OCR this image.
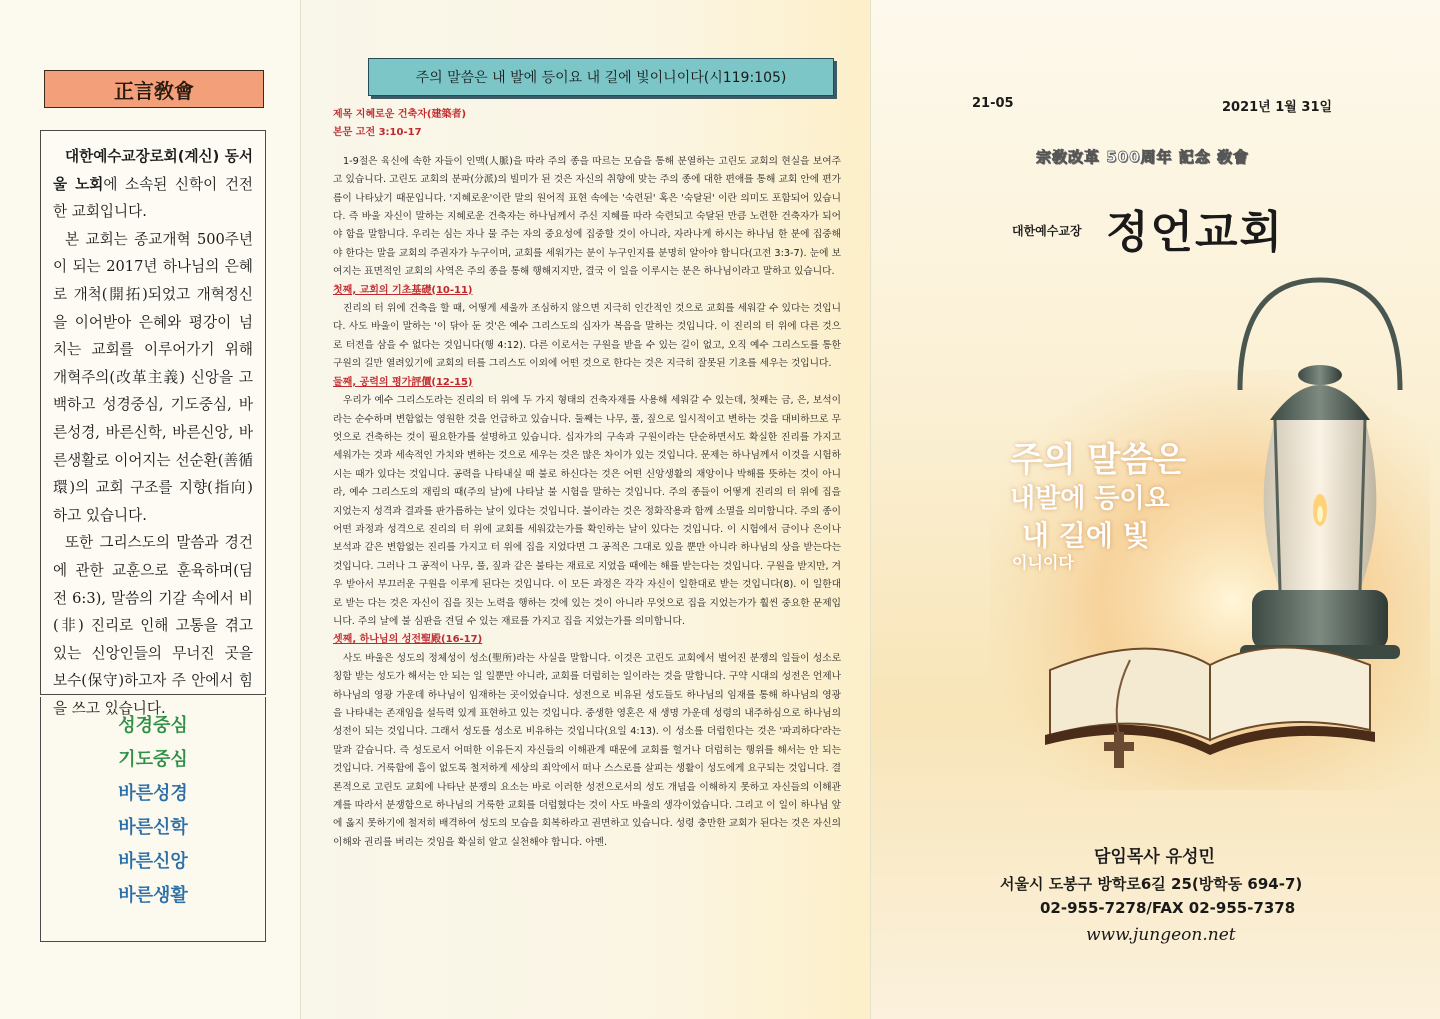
正言敎會

대한예수교장로회(계신) 동서울 노회에 소속된 신학이 건전한 교회입니다.

본 교회는 종교개혁 500주년이 되는 2017년 하나님의 은혜로 개척(開拓)되었고 개혁정신을 이어받아 은혜와 평강이 넘치는 교회를 이루어가기 위해 개혁주의(改革主義) 신앙을 고백하고 성경중심, 기도중심, 바른성경, 바른신학, 바른신앙, 바른생활로 이어지는 선순환(善循環)의 교회 구조를 지향(指向)하고 있습니다.

또한 그리스도의 말씀과 경건에 관한 교훈으로 훈육하며(딤전 6:3), 말씀의 기갈 속에서 비(非) 진리로 인해 고통을 겪고 있는 신앙인들의 무너진 곳을 보수(保守)하고자 주 안에서 힘을 쓰고 있습니다.

성경중심
기도중심
바른성경
바른신학
바른신앙
바른생활
주의 말씀은 내 발에 등이요 내 길에 빛이니이다(시119:105)
제목 지혜로운 건축자(建築者)
본문 고전 3:10-17
1-9절은 육신에 속한 자들이 인맥(人脈)을 따라 주의 종을 따르는 모습을 통해 분열하는 고린도 교회의 현실을 보여주고 있습니다. 고린도 교회의 분파(分派)의 빌미가 된 것은 자신의 취향에 맞는 주의 종에 대한 편애를 통해 교회 안에 편가름이 나타났기 때문입니다. '지혜로운'이란 말의 원어적 표현 속에는 '숙련된' 혹은 '숙달된' 이란 의미도 포함되어 있습니다. 즉 바울 자신이 말하는 지혜로운 건축자는 하나님께서 주신 지혜를 따라 숙련되고 숙달된 만큼 노련한 건축자가 되어야 함을 말합니다. 우리는 심는 자나 물 주는 자의 중요성에 집중할 것이 아니라, 자라나게 하시는 하나님 한 분에 집중해야 한다는 말을 교회의 주권자가 누구이며, 교회를 세워가는 분이 누구인지를 분명히 알아야 합니다(고전 3:3-7). 눈에 보여지는 표면적인 교회의 사역은 주의 종을 통해 행해지지만, 결국 이 일을 이루시는 분은 하나님이라고 말하고 있습니다.
첫째, 교회의 기초基礎(10-11)
진리의 터 위에 건축을 할 때, 어떻게 세울까 조심하지 않으면 지극히 인간적인 것으로 교회를 세워갈 수 있다는 것입니다. 사도 바울이 말하는 '이 닦아 둔 것'은 예수 그리스도의 십자가 복음을 말하는 것입니다. 이 진리의 터 위에 다른 것으로 터전을 삼을 수 없다는 것입니다(행 4:12). 다른 이로서는 구원을 받을 수 있는 길이 없고, 오직 예수 그리스도를 통한 구원의 길만 열려있기에 교회의 터를 그리스도 이외에 어떤 것으로 한다는 것은 지극히 잘못된 기초를 세우는 것입니다.
둘째, 공력의 평가評價(12-15)
우리가 예수 그리스도라는 진리의 터 위에 두 가지 형태의 건축자재를 사용해 세워갈 수 있는데, 첫째는 금, 은, 보석이라는 순수하며 변함없는 영원한 것을 언급하고 있습니다. 둘째는 나무, 풀, 짚으로 일시적이고 변하는 것을 대비하므로 무엇으로 건축하는 것이 필요한가를 설명하고 있습니다. 십자가의 구속과 구원이라는 단순하면서도 확실한 진리를 가지고 세워가는 것과 세속적인 가치와 변하는 것으로 세우는 것은 많은 차이가 있는 것입니다. 문제는 하나님께서 이것을 시험하시는 때가 있다는 것입니다. 공력을 나타내실 때 불로 하신다는 것은 어떤 신앙생활의 재앙이나 박해를 뜻하는 것이 아니라, 예수 그리스도의 재림의 때(주의 날)에 나타날 불 시험을 말하는 것입니다. 주의 종들이 어떻게 진리의 터 위에 집을 지었는지 성격과 결과를 판가름하는 날이 있다는 것입니다. 불이라는 것은 정화작용과 함께 소멸을 의미합니다. 주의 종이 어떤 과정과 성격으로 진리의 터 위에 교회를 세워갔는가를 확인하는 날이 있다는 것입니다. 이 시험에서 금이나 은이나 보석과 같은 변함없는 진리를 가지고 터 위에 집을 지었다면 그 공적은 그대로 있을 뿐만 아니라 하나님의 상을 받는다는 것입니다. 그러나 그 공적이 나무, 풀, 짚과 같은 불타는 재료로 지었을 때에는 해를 받는다는 것입니다. 구원을 받지만, 겨우 받아서 부끄러운 구원을 이루게 된다는 것입니다. 이 모든 과정은 각각 자신이 일한대로 받는 것입니다(8). 이 일한대로 받는 다는 것은 자신이 집을 짓는 노력을 행하는 것에 있는 것이 아니라 무엇으로 집을 지었는가가 훨씬 중요한 문제입니다. 주의 날에 불 심판을 견딜 수 있는 재료를 가지고 집을 지었는가를 의미합니다.
셋째, 하나님의 성전聖殿(16-17)
사도 바울은 성도의 정체성이 성소(聖所)라는 사실을 말합니다. 이것은 고린도 교회에서 벌어진 분쟁의 일들이 성소로 칭함 받는 성도가 해서는 안 되는 일 일뿐만 아니라, 교회를 더럽히는 일이라는 것을 말합니다. 구약 시대의 성전은 언제나 하나님의 영광 가운데 하나님이 임재하는 곳이었습니다. 성전으로 비유된 성도들도 하나님의 임재를 통해 하나님의 영광을 나타내는 존재임을 설득력 있게 표현하고 있는 것입니다. 중생한 영혼은 새 생명 가운데 성령의 내주하심으로 하나님의 성전이 되는 것입니다. 그래서 성도를 성소로 비유하는 것입니다(요일 4:13). 이 성소를 더럽힌다는 것은 '파괴하다'라는 말과 같습니다. 즉 성도로서 어떠한 이유든지 자신들의 이해관계 때문에 교회를 헐거나 더럽히는 행위를 해서는 안 되는 것입니다. 거룩함에 흠이 없도록 철저하게 세상의 죄악에서 떠나 스스로를 살피는 생활이 성도에게 요구되는 것입니다. 결론적으로 고린도 교회에 나타난 분쟁의 요소는 바로 이러한 성전으로서의 성도 개념을 이해하지 못하고 자신들의 이해관계를 따라서 분쟁함으로 하나님의 거룩한 교회를 더럽혔다는 것이 사도 바울의 생각이었습니다. 그리고 이 일이 하나님 앞에 옳지 못하기에 철저히 배격하여 성도의 모습을 회복하라고 권면하고 있습니다. 성령 충만한 교회가 된다는 것은 자신의 이해와 권리를 버리는 것임을 확실히 알고 실천해야 합니다. 아멘.
21-05	2021년 1월 31일
宗敎改革 500周年 記念 敎會
대한예수교장 정언교회
주의 말씀은
내발에 등이요
내 길에 빛
이니이다
담임목사 유성민
서울시 도봉구 방학로6길 25(방학동 694-7)
02-955-7278/FAX 02-955-7378
www.jungeon.net
